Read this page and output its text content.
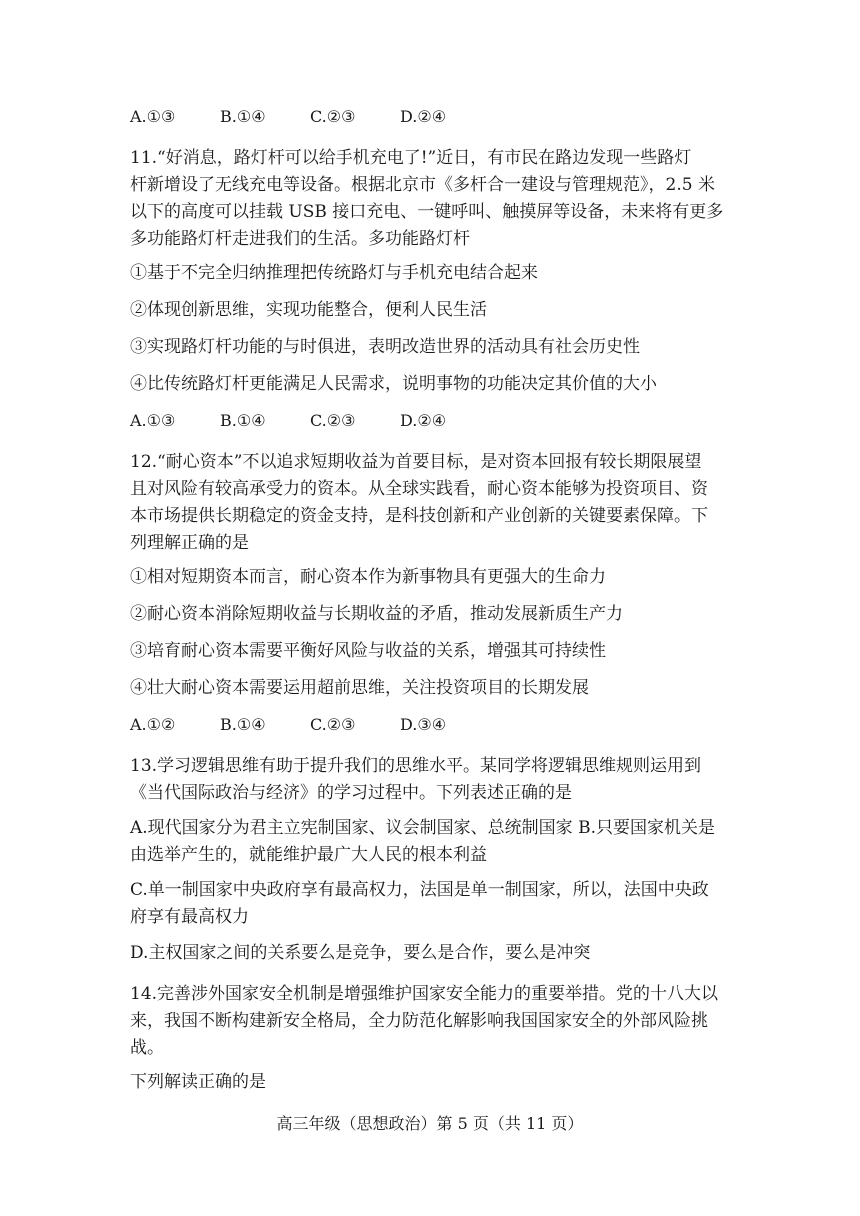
A.①③	B.①④	C.②③	D.②④
11.“好消息，路灯杆可以给手机充电了!”近日，有市民在路边发现一些路灯
杆新增设了无线充电等设备。根据北京市《多杆合一建设与管理规范》，2.5 米
以下的高度可以挂载 USB 接口充电、一键呼叫、触摸屏等设备，未来将有更多
多功能路灯杆走进我们的生活。多功能路灯杆
①基于不完全归纳推理把传统路灯与手机充电结合起来
②体现创新思维，实现功能整合，便利人民生活
③实现路灯杆功能的与时俱进，表明改造世界的活动具有社会历史性
④比传统路灯杆更能满足人民需求，说明事物的功能决定其价值的大小
A.①③	B.①④	C.②③	D.②④
12.“耐心资本”不以追求短期收益为首要目标，是对资本回报有较长期限展望
且对风险有较高承受力的资本。从全球实践看，耐心资本能够为投资项目、资
本市场提供长期稳定的资金支持，是科技创新和产业创新的关键要素保障。下
列理解正确的是
①相对短期资本而言，耐心资本作为新事物具有更强大的生命力
②耐心资本消除短期收益与长期收益的矛盾，推动发展新质生产力
③培育耐心资本需要平衡好风险与收益的关系，增强其可持续性
④壮大耐心资本需要运用超前思维，关注投资项目的长期发展
A.①②	B.①④	C.②③	D.③④
13.学习逻辑思维有助于提升我们的思维水平。某同学将逻辑思维规则运用到
《当代国际政治与经济》的学习过程中。下列表述正确的是
A.现代国家分为君主立宪制国家、议会制国家、总统制国家 B.只要国家机关是
由选举产生的，就能维护最广大人民的根本利益
C.单一制国家中央政府享有最高权力，法国是单一制国家，所以，法国中央政
府享有最高权力
D.主权国家之间的关系要么是竞争，要么是合作，要么是冲突
14.完善涉外国家安全机制是增强维护国家安全能力的重要举措。党的十八大以
来，我国不断构建新安全格局，全力防范化解影响我国国家安全的外部风险挑
战。
下列解读正确的是
高三年级（思想政治）第 5 页（共 11 页）
